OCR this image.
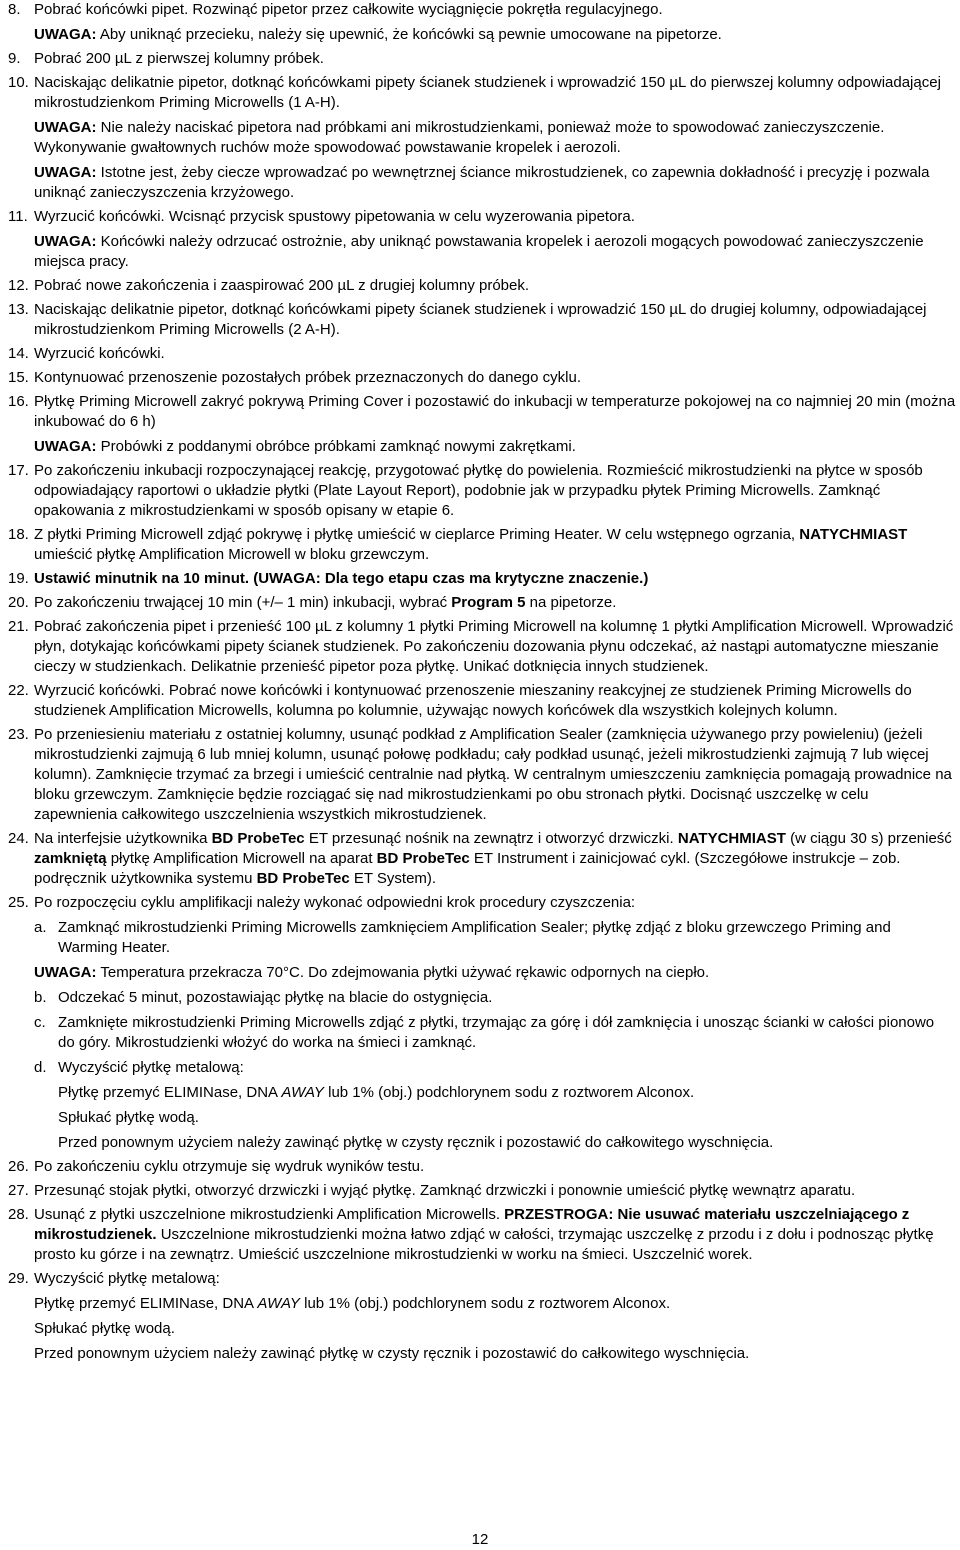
8. Pobrać końcówki pipet. Rozwinąć pipetor przez całkowite wyciągnięcie pokrętła regulacyjnego.

UWAGA: Aby uniknąć przecieku, należy się upewnić, że końcówki są pewnie umocowane na pipetorze.

9. Pobrać 200 µL z pierwszej kolumny próbek.

10. Naciskając delikatnie pipetor, dotknąć końcówkami pipety ścianek studzienek i wprowadzić 150 µL do pierwszej kolumny odpowiadającej mikrostudzienkom Priming Microwells (1 A-H).

UWAGA: Nie należy naciskać pipetora nad próbkami ani mikrostudzienkami, ponieważ może to spowodować zanieczyszczenie. Wykonywanie gwałtownych ruchów może spowodować powstawanie kropelek i aerozoli.

UWAGA: Istotne jest, żeby ciecze wprowadzać po wewnętrznej ściance mikrostudzienek, co zapewnia dokładność i precyzję i pozwala uniknąć zanieczyszczenia krzyżowego.

11. Wyrzucić końcówki. Wcisnąć przycisk spustowy pipetowania w celu wyzerowania pipetora.

UWAGA: Końcówki należy odrzucać ostrożnie, aby uniknąć powstawania kropelek i aerozoli mogących powodować zanieczyszczenie miejsca pracy.

12. Pobrać nowe zakończenia i zaaspirować 200 µL z drugiej kolumny próbek.

13. Naciskając delikatnie pipetor, dotknąć końcówkami pipety ścianek studzienek i wprowadzić 150 µL do drugiej kolumny, odpowiadającej mikrostudzienkom Priming Microwells (2 A-H).

14. Wyrzucić końcówki.

15. Kontynuować przenoszenie pozostałych próbek przeznaczonych do danego cyklu.

16. Płytkę Priming Microwell zakryć pokrywą Priming Cover i pozostawić do inkubacji w temperaturze pokojowej na co najmniej 20 min (można inkubować do 6 h)

UWAGA: Probówki z poddanymi obróbce próbkami zamknąć nowymi zakrętkami.

17. Po zakończeniu inkubacji rozpoczynającej reakcję, przygotować płytkę do powielenia. Rozmieścić mikrostudzienki na płytce w sposób odpowiadający raportowi o układzie płytki (Plate Layout Report), podobnie jak w przypadku płytek Priming Microwells. Zamknąć opakowania z mikrostudzienkami w sposób opisany w etapie 6.

18. Z płytki Priming Microwell zdjąć pokrywę i płytkę umieścić w cieplarce Priming Heater. W celu wstępnego ogrzania, NATYCHMIAST umieścić płytkę Amplification Microwell w bloku grzewczym.

19. Ustawić minutnik na 10 minut. (UWAGA: Dla tego etapu czas ma krytyczne znaczenie.)

20. Po zakończeniu trwającej 10 min (+/– 1 min) inkubacji, wybrać Program 5 na pipetorze.

21. Pobrać zakończenia pipet i przenieść 100 µL z kolumny 1 płytki Priming Microwell na kolumnę 1 płytki Amplification Microwell. Wprowadzić płyn, dotykając końcówkami pipety ścianek studzienek. Po zakończeniu dozowania płynu odczekać, aż nastąpi automatyczne mieszanie cieczy w studzienkach. Delikatnie przenieść pipetor poza płytkę. Unikać dotknięcia innych studzienek.

22. Wyrzucić końcówki. Pobrać nowe końcówki i kontynuować przenoszenie mieszaniny reakcyjnej ze studzienek Priming Microwells do studzienek Amplification Microwells, kolumna po kolumnie, używając nowych końcówek dla wszystkich kolejnych kolumn.

23. Po przeniesieniu materiału z ostatniej kolumny, usunąć podkład z Amplification Sealer (zamknięcia używanego przy powieleniu) (jeżeli mikrostudzienki zajmują 6 lub mniej kolumn, usunąć połowę podkładu; cały podkład usunąć, jeżeli mikrostudzienki zajmują 7 lub więcej kolumn). Zamknięcie trzymać za brzegi i umieścić centralnie nad płytką. W centralnym umieszczeniu zamknięcia pomagają prowadnice na bloku grzewczym. Zamknięcie będzie rozciągać się nad mikrostudzienkami po obu stronach płytki. Docisnąć uszczelkę w celu zapewnienia całkowitego uszczelnienia wszystkich mikrostudzienek.

24. Na interfejsie użytkownika BD ProbeTec ET przesunąć nośnik na zewnątrz i otworzyć drzwiczki. NATYCHMIAST (w ciągu 30 s) przenieść zamkniętą płytkę Amplification Microwell na aparat BD ProbeTec ET Instrument i zainicjować cykl. (Szczegółowe instrukcje – zob. podręcznik użytkownika systemu BD ProbeTec ET System).

25. Po rozpoczęciu cyklu amplifikacji należy wykonać odpowiedni krok procedury czyszczenia:

a. Zamknąć mikrostudzienki Priming Microwells zamknięciem Amplification Sealer; płytkę zdjąć z bloku grzewczego Priming and Warming Heater.

UWAGA: Temperatura przekracza 70°C. Do zdejmowania płytki używać rękawic odpornych na ciepło.

b. Odczekać 5 minut, pozostawiając płytkę na blacie do ostygnięcia.

c. Zamknięte mikrostudzienki Priming Microwells zdjąć z płytki, trzymając za górę i dół zamknięcia i unosząc ścianki w całości pionowo do góry. Mikrostudzienki włożyć do worka na śmieci i zamknąć.

d. Wyczyścić płytkę metalową:

Płytkę przemyć ELIMINase, DNA AWAY lub 1% (obj.) podchlorynem sodu z roztworem Alconox.

Spłukać płytkę wodą.

Przed ponownym użyciem należy zawinąć płytkę w czysty ręcznik i pozostawić do całkowitego wyschnięcia.

26. Po zakończeniu cyklu otrzymuje się wydruk wyników testu.

27. Przesunąć stojak płytki, otworzyć drzwiczki i wyjąć płytkę. Zamknąć drzwiczki i ponownie umieścić płytkę wewnątrz aparatu.

28. Usunąć z płytki uszczelnione mikrostudzienki Amplification Microwells. PRZESTROGA: Nie usuwać materiału uszczelniającego z mikrostudzienek. Uszczelnione mikrostudzienki można łatwo zdjąć w całości, trzymając uszczelkę z przodu i z dołu i podnosząc płytkę prosto ku górze i na zewnątrz. Umieścić uszczelnione mikrostudzienki w worku na śmieci. Uszczelnić worek.

29. Wyczyścić płytkę metalową:

Płytkę przemyć ELIMINase, DNA AWAY lub 1% (obj.) podchlorynem sodu z roztworem Alconox.

Spłukać płytkę wodą.

Przed ponownym użyciem należy zawinąć płytkę w czysty ręcznik i pozostawić do całkowitego wyschnięcia.

12
